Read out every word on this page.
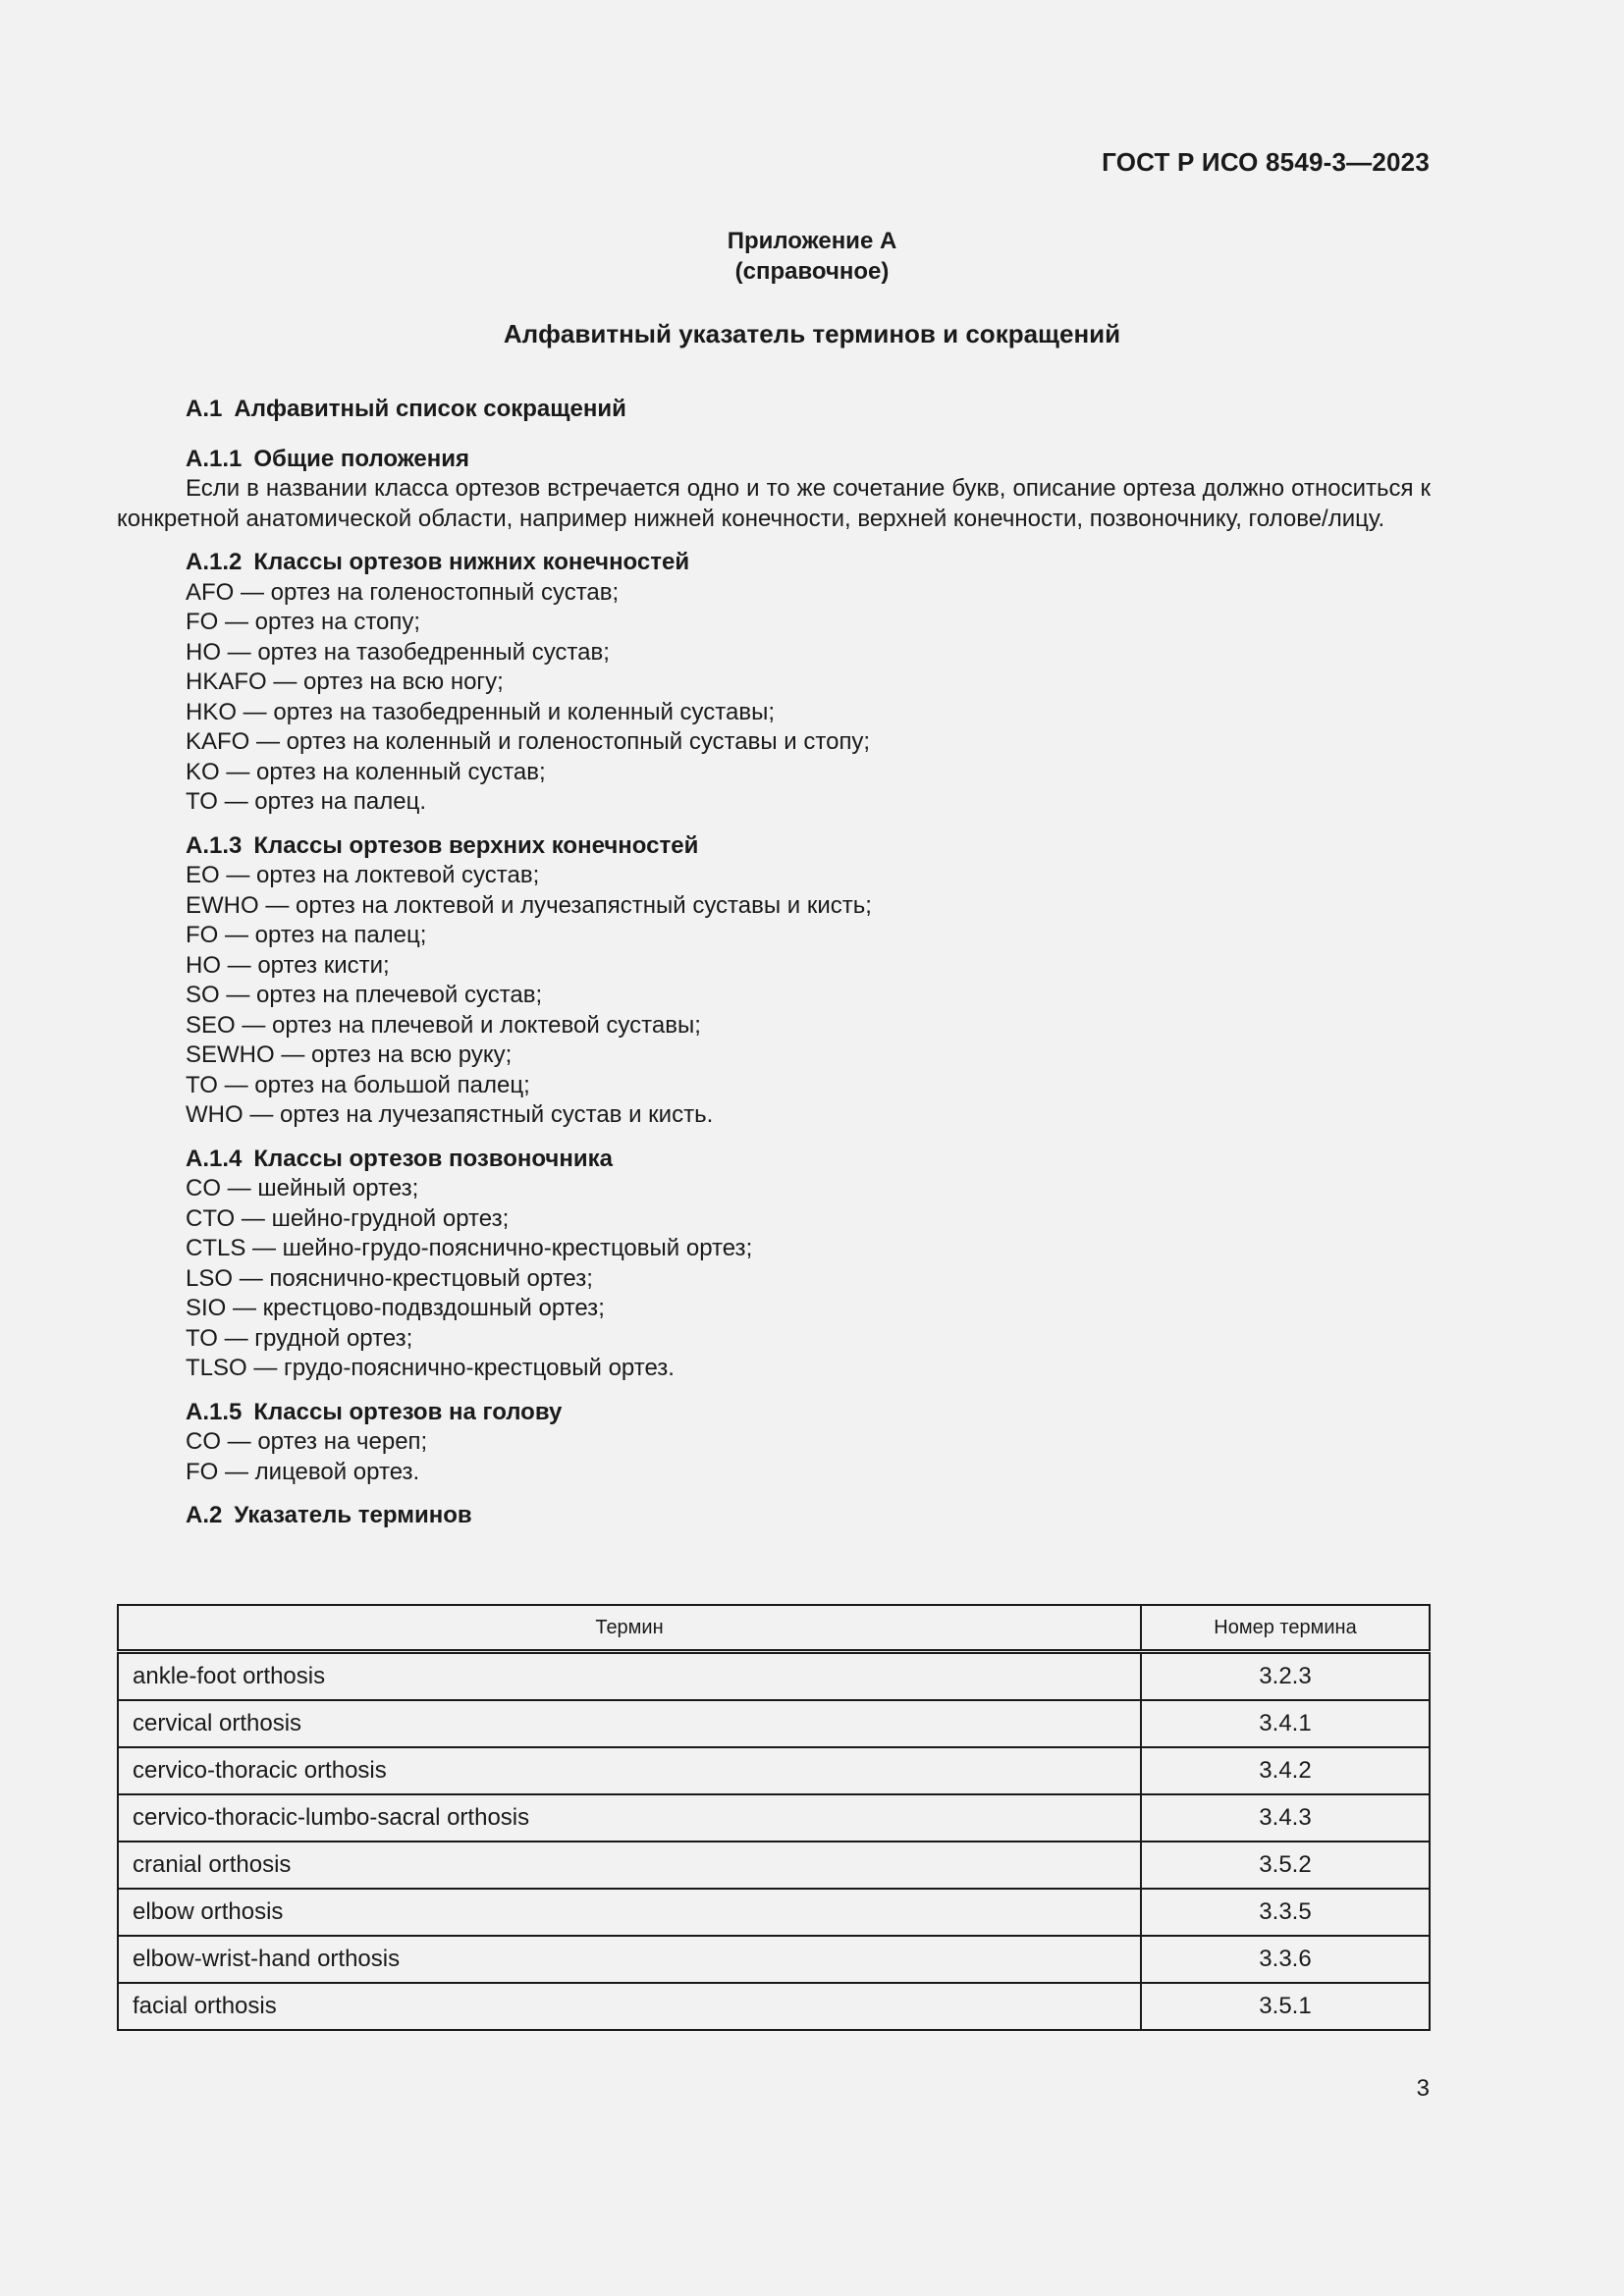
ГОСТ Р ИСО 8549-3—2023
Приложение А
(справочное)
Алфавитный указатель терминов и сокращений
А.1 Алфавитный список сокращений
А.1.1 Общие положения
Если в названии класса ортезов встречается одно и то же сочетание букв, описание ортеза должно относиться к конкретной анатомической области, например нижней конечности, верхней конечности, позвоночнику, голове/лицу.
А.1.2 Классы ортезов нижних конечностей
AFO — ортез на голеностопный сустав;
FO — ортез на стопу;
HO — ортез на тазобедренный сустав;
HKAFO — ортез на всю ногу;
HKO — ортез на тазобедренный и коленный суставы;
KAFO — ортез на коленный и голеностопный суставы и стопу;
KO — ортез на коленный сустав;
TO — ортез на палец.
А.1.3 Классы ортезов верхних конечностей
EO — ортез на локтевой сустав;
EWHO — ортез на локтевой и лучезапястный суставы и кисть;
FO — ортез на палец;
HO — ортез кисти;
SO — ортез на плечевой сустав;
SEO — ортез на плечевой и локтевой суставы;
SEWHO — ортез на всю руку;
TO — ортез на большой палец;
WHO — ортез на лучезапястный сустав и кисть.
А.1.4 Классы ортезов позвоночника
CO — шейный ортез;
CTO — шейно-грудной ортез;
CTLS — шейно-грудо-пояснично-крестцовый ортез;
LSO — пояснично-крестцовый ортез;
SIO — крестцово-подвздошный ортез;
TO — грудной ортез;
TLSO — грудо-пояснично-крестцовый ортез.
А.1.5 Классы ортезов на голову
CO — ортез на череп;
FO — лицевой ортез.
А.2 Указатель терминов
Термин	Номер термина
ankle-foot orthosis	3.2.3
cervical orthosis	3.4.1
cervico-thoracic orthosis	3.4.2
cervico-thoracic-lumbo-sacral orthosis	3.4.3
cranial orthosis	3.5.2
elbow orthosis	3.3.5
elbow-wrist-hand orthosis	3.3.6
facial orthosis	3.5.1
3
